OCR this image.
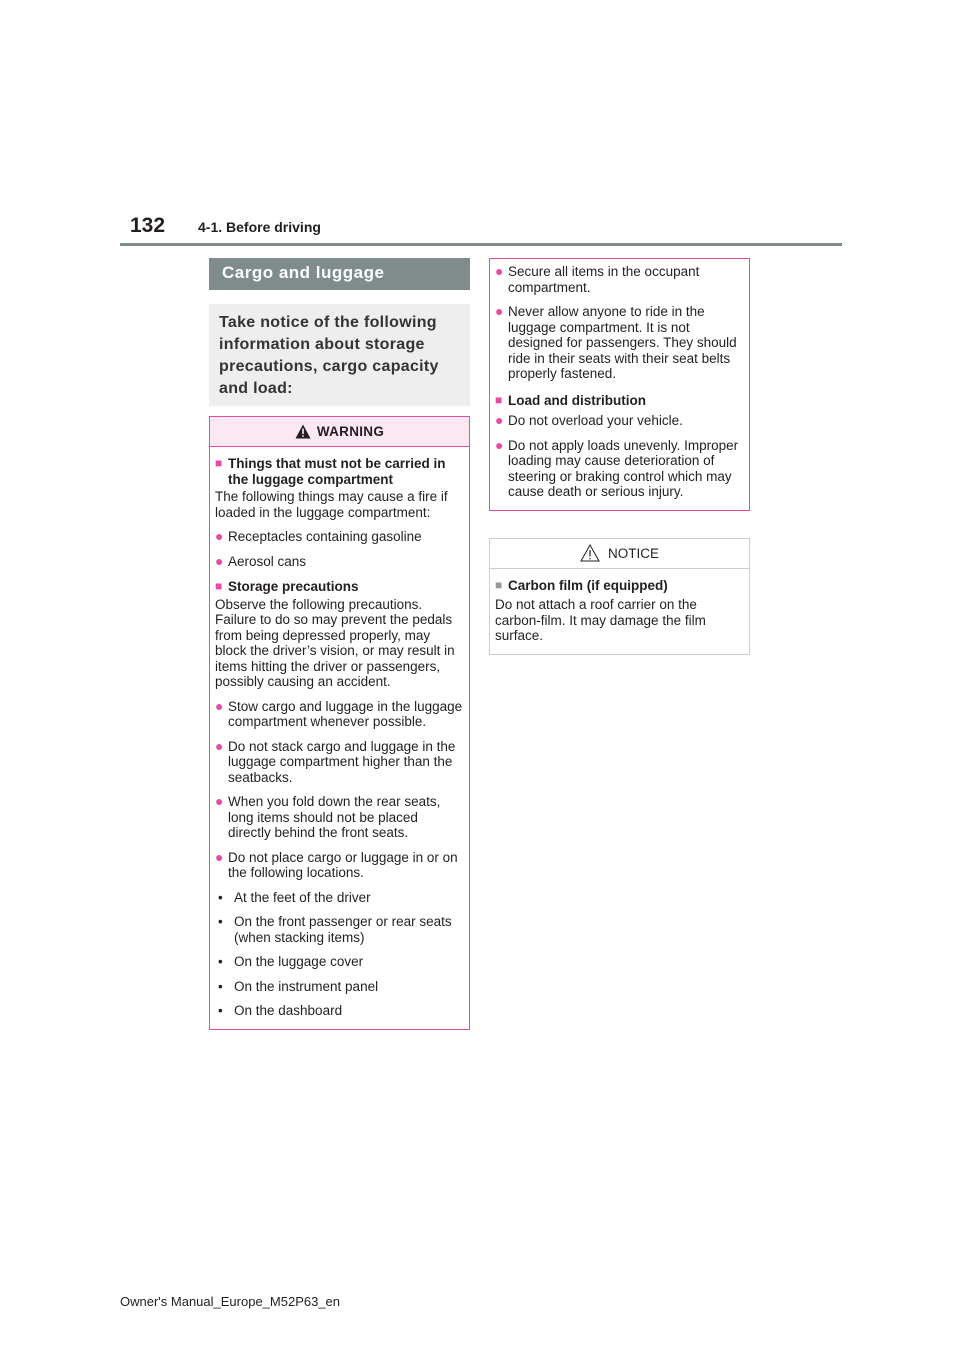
132 4-1. Before driving
Cargo and luggage
Take notice of the following information about storage precautions, cargo capacity and load:
WARNING
■ Things that must not be carried in the luggage compartment
The following things may cause a fire if loaded in the luggage compartment:
● Receptacles containing gasoline
● Aerosol cans
■ Storage precautions
Observe the following precautions. Failure to do so may prevent the pedals from being depressed properly, may block the driver’s vision, or may result in items hitting the driver or passengers, possibly causing an accident.
● Stow cargo and luggage in the luggage compartment whenever possible.
● Do not stack cargo and luggage in the luggage compartment higher than the seatbacks.
● When you fold down the rear seats, long items should not be placed directly behind the front seats.
● Do not place cargo or luggage in or on the following locations.
• At the feet of the driver
• On the front passenger or rear seats (when stacking items)
• On the luggage cover
• On the instrument panel
• On the dashboard
● Secure all items in the occupant compartment.
● Never allow anyone to ride in the luggage compartment. It is not designed for passengers. They should ride in their seats with their seat belts properly fastened.
■ Load and distribution
● Do not overload your vehicle.
● Do not apply loads unevenly. Improper loading may cause deterioration of steering or braking control which may cause death or serious injury.
NOTICE
■ Carbon film (if equipped)
Do not attach a roof carrier on the carbon-film. It may damage the film surface.
Owner's Manual_Europe_M52P63_en
